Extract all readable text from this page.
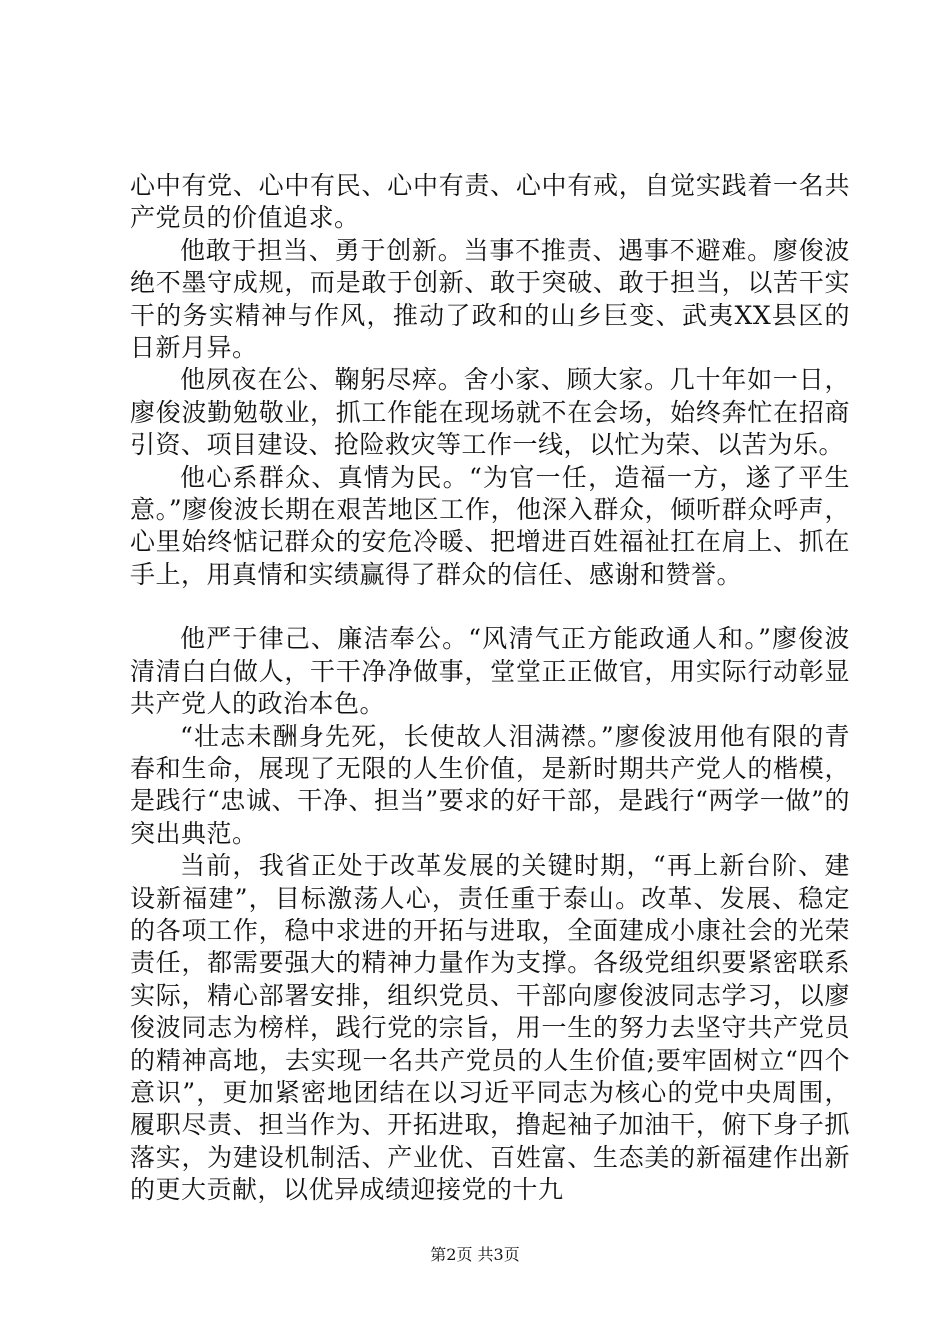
心中有党、心中有民、心中有责、心中有戒，自觉实践着一名共产党员的价值追求。

他敢于担当、勇于创新。当事不推责、遇事不避难。廖俊波绝不墨守成规，而是敢于创新、敢于突破、敢于担当，以苦干实干的务实精神与作风，推动了政和的山乡巨变、武夷XX县区的日新月异。

他夙夜在公、鞠躬尽瘁。舍小家、顾大家。几十年如一日，廖俊波勤勉敬业，抓工作能在现场就不在会场，始终奔忙在招商引资、项目建设、抢险救灾等工作一线，以忙为荣、以苦为乐。

他心系群众、真情为民。“为官一任，造福一方，遂了平生意。”廖俊波长期在艰苦地区工作，他深入群众，倾听群众呼声，心里始终惦记群众的安危冷暖、把增进百姓福祉扛在肩上、抓在手上，用真情和实绩赢得了群众的信任、感谢和赞誉。

他严于律己、廉洁奉公。“风清气正方能政通人和。”廖俊波清清白白做人，干干净净做事，堂堂正正做官，用实际行动彰显共产党人的政治本色。

“壮志未酬身先死，长使故人泪满襟。”廖俊波用他有限的青春和生命，展现了无限的人生价值，是新时期共产党人的楷模，是践行“忠诚、干净、担当”要求的好干部，是践行“两学一做”的突出典范。

当前，我省正处于改革发展的关键时期，“再上新台阶、建设新福建”，目标激荡人心，责任重于泰山。改革、发展、稳定的各项工作，稳中求进的开拓与进取，全面建成小康社会的光荣责任，都需要强大的精神力量作为支撑。各级党组织要紧密联系实际，精心部署安排，组织党员、干部向廖俊波同志学习，以廖俊波同志为榜样，践行党的宗旨，用一生的努力去坚守共产党员的精神高地，去实现一名共产党员的人生价值;要牢固树立“四个意识”，更加紧密地团结在以习近平同志为核心的党中央周围，履职尽责、担当作为、开拓进取，撸起袖子加油干，俯下身子抓落实，为建设机制活、产业优、百姓富、生态美的新福建作出新的更大贡献，以优异成绩迎接党的十九

第2页 共3页
